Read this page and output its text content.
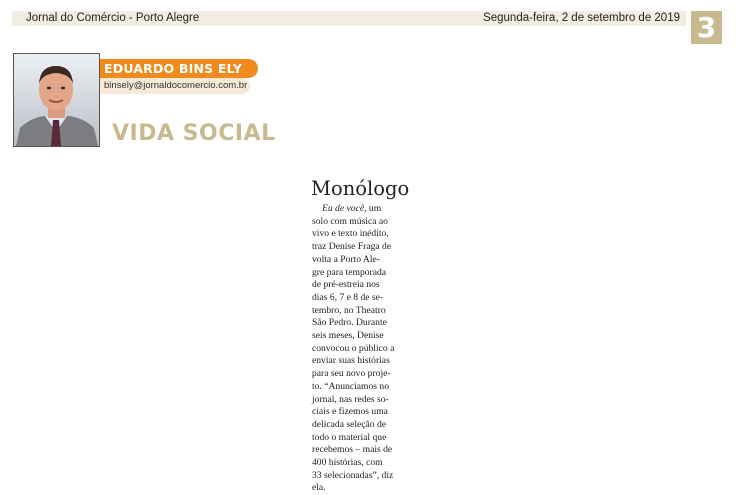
Jornal do Comércio - Porto Alegre	Segunda-feira, 2 de setembro de 2019 3
EDUARDO BINS ELY
binsely@jornaldocomercio.com.br
VIDA SOCIAL
Monólogo
Eu de você, um
solo com música ao
vivo e texto inédito,
traz Denise Fraga de
volta a Porto Ale-
gre para temporada
de pré-estreia nos
dias 6, 7 e 8 de se-
tembro, no Theatro
São Pedro. Durante
seis meses, Denise
convocou o público a
enviar suas histórias
para seu novo proje-
to. “Anunciamos no
jornal, nas redes so-
ciais e fizemos uma
delicada seleção de
todo o material que
recebemos – mais de
400 histórias, com
33 selecionadas”, diz
ela.
